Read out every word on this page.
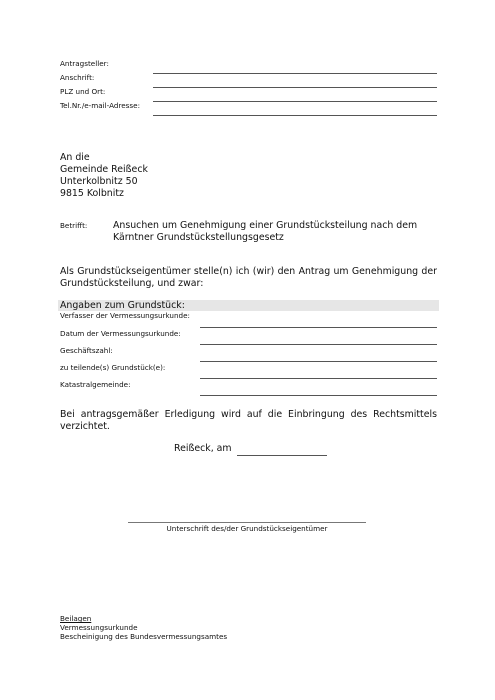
Antragsteller:
Anschrift:
PLZ und Ort:
Tel.Nr./e-mail-Adresse:
An die
Gemeinde Reißeck
Unterkolbnitz 50
9815 Kolbnitz
Betrifft:	Ansuchen um Genehmigung einer Grundstücksteilung nach dem
Kärntner Grundstückstellungsgesetz
Als Grundstückseigentümer stelle(n) ich (wir) den Antrag um Genehmigung der
Grundstücksteilung, und zwar:
Angaben zum Grundstück:
Verfasser der Vermessungsurkunde:
Datum der Vermessungsurkunde:
Geschäftszahl:
zu teilende(s) Grundstück(e):
Katastralgemeinde:
Bei antragsgemäßer Erledigung wird auf die Einbringung des Rechtsmittels
verzichtet.
Reißeck, am
Unterschrift des/der Grundstückseigentümer
Beilagen
Vermessungsurkunde
Bescheinigung des Bundesvermessungsamtes
